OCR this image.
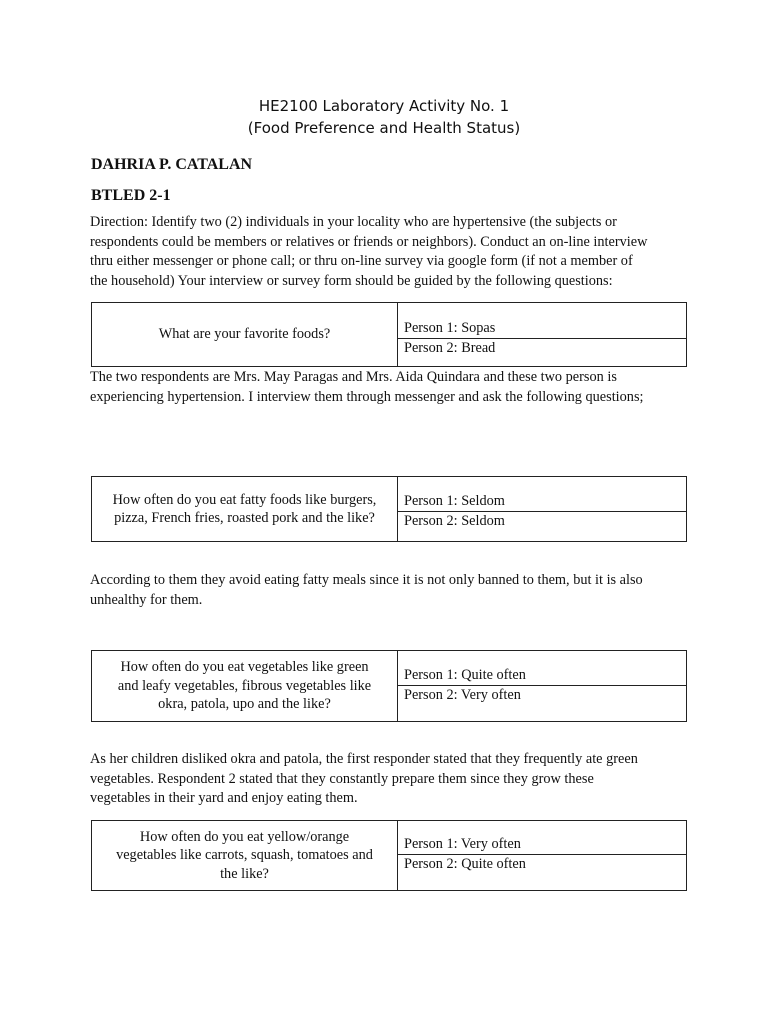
HE2100 Laboratory Activity No. 1
(Food Preference and Health Status)
DAHRIA P. CATALAN
BTLED 2-1

Direction: Identify two (2) individuals in your locality who are hypertensive (the subjects or
respondents could be members or relatives or friends or neighbors). Conduct an on-line interview
thru either messenger or phone call; or thru on-line survey via google form (if not a member of
the household) Your interview or survey form should be guided by the following questions:

What are your favorite foods?	Person 1: Sopas

Person 2: Bread

The two respondents are Mrs. May Paragas and Mrs. Aida Quindara and these two person is
experiencing hypertension. I interview them through messenger and ask the following questions;

How often do you eat fatty foods like burgers,
pizza, French fries, roasted pork and the like?	
Person 1: Seldom

Person 2: Seldom

According to them they avoid eating fatty meals since it is not only banned to them, but it is also
unhealthy for them.

How often do you eat vegetables like green
and leafy vegetables, fibrous vegetables like
okra, patola, upo and the like?	
Person 1: Quite often

Person 2: Very often

As her children disliked okra and patola, the first responder stated that they frequently ate green
vegetables. Respondent 2 stated that they constantly prepare them since they grow these
vegetables in their yard and enjoy eating them.

How often do you eat yellow/orange
vegetables like carrots, squash, tomatoes and
the like?	
Person 1: Very often

Person 2: Quite often
